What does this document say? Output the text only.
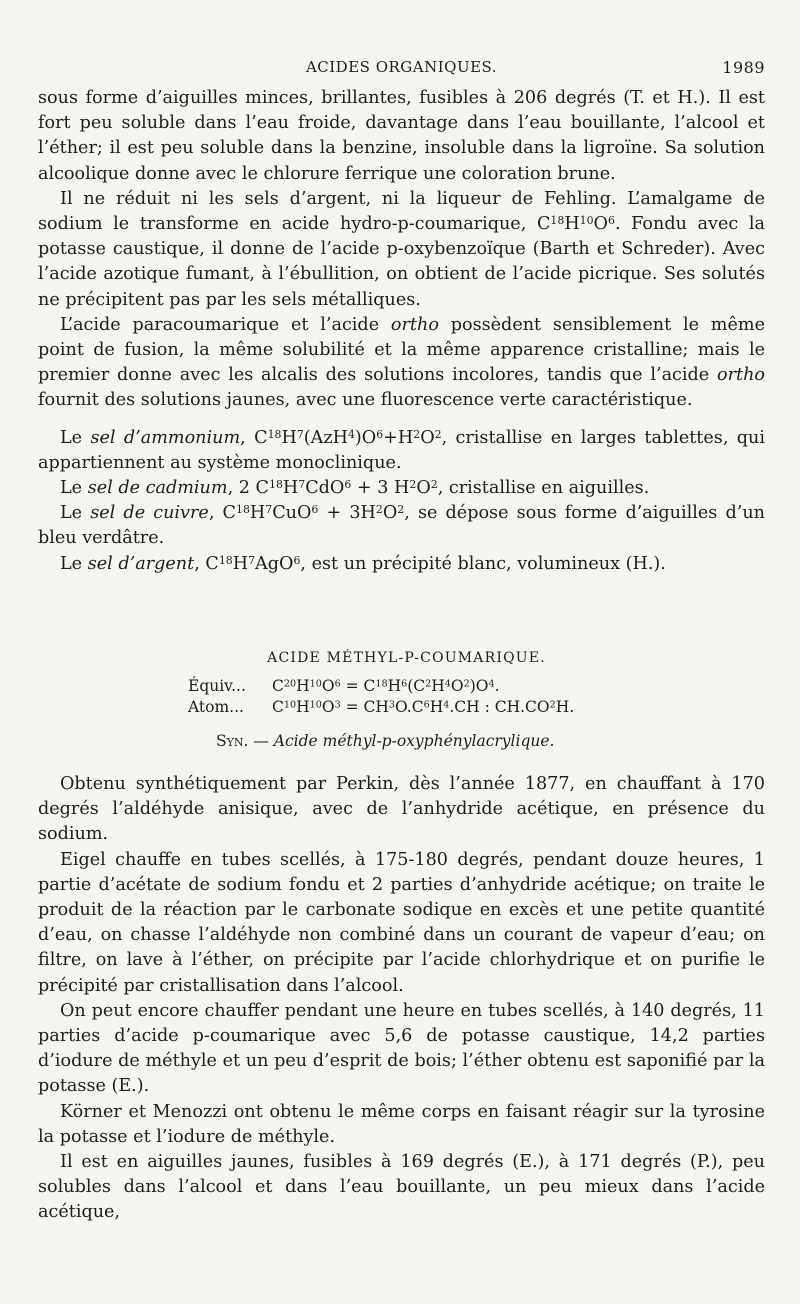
ACIDES ORGANIQUES.	1989

sous forme d’aiguilles minces, brillantes, fusibles à 206 degrés (T. et H.). Il est fort peu soluble dans l’eau froide, davantage dans l’eau bouillante, l’alcool et l’éther; il est peu soluble dans la benzine, insoluble dans la ligroïne. Sa solution alcoolique donne avec le chlorure ferrique une coloration brune.

Il ne réduit ni les sels d’argent, ni la liqueur de Fehling. L’amalgame de sodium le transforme en acide hydro-p-coumarique, $C^{18}H^{10}O^6$. Fondu avec la potasse caustique, il donne de l’acide p-oxybenzoïque (Barth et Schreder). Avec l’acide azotique fumant, à l’ébullition, on obtient de l’acide picrique. Ses solutés ne précipitent pas par les sels métalliques.

L’acide paracoumarique et l’acide ortho possèdent sensiblement le même point de fusion, la même solubilité et la même apparence cristalline; mais le premier donne avec les alcalis des solutions incolores, tandis que l’acide ortho fournit des solutions jaunes, avec une fluorescence verte caractéristique.

Le sel d’ammonium, $C^{18}H^7(AzH^4)O^6+H^2O^2$, cristallise en larges tablettes, qui appartiennent au système monoclinique.

Le sel de cadmium, 2 $C^{18}H^7CdO^6 + 3$ $H^2O^2$, cristallise en aiguilles.

Le sel de cuivre, $C^{18}H^7CuO^6 + 3H^2O^2$, se dépose sous forme d’aiguilles d’un bleu verdâtre.

Le sel d’argent, $C^{18}H^7AgO^6$, est un précipité blanc, volumineux (H.).

ACIDE MÉTHYL-P-COUMARIQUE.
Équiv... $C^{20}H^{10}O^6 = C^{18}H^6(C^2H^4O^2)O^4$.
Atom... $C^{10}H^{10}O^3 = CH^3O.C^6H^4.CH$ : $CH.CO^2H$.
Syn. — Acide méthyl-p-oxyphénylacrylique.

Obtenu synthétiquement par Perkin, dès l’année 1877, en chauffant à 170 degrés l’aldéhyde anisique, avec de l’anhydride acétique, en présence du sodium.

Eigel chauffe en tubes scellés, à 175-180 degrés, pendant douze heures, 1 partie d’acétate de sodium fondu et 2 parties d’anhydride acétique; on traite le produit de la réaction par le carbonate sodique en excès et une petite quantité d’eau, on chasse l’aldéhyde non combiné dans un courant de vapeur d’eau; on filtre, on lave à l’éther, on précipite par l’acide chlorhydrique et on purifie le précipité par cristallisation dans l’alcool.

On peut encore chauffer pendant une heure en tubes scellés, à 140 degrés, 11 parties d’acide p-coumarique avec 5,6 de potasse caustique, 14,2 parties d’iodure de méthyle et un peu d’esprit de bois; l’éther obtenu est saponifié par la potasse (E.).

Körner et Menozzi ont obtenu le même corps en faisant réagir sur la tyrosine la potasse et l’iodure de méthyle.

Il est en aiguilles jaunes, fusibles à 169 degrés (E.), à 171 degrés (P.), peu solubles dans l’alcool et dans l’eau bouillante, un peu mieux dans l’acide acétique,
